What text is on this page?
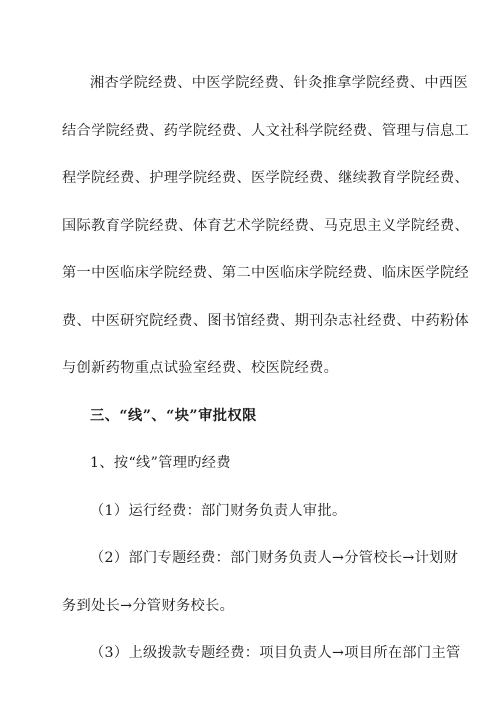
湘杏学院经费、中医学院经费、针灸推拿学院经费、中西医
结合学院经费、药学院经费、人文社科学院经费、管理与信息工
程学院经费、护理学院经费、医学院经费、继续教育学院经费、
国际教育学院经费、体育艺术学院经费、马克思主义学院经费、
第一中医临床学院经费、第二中医临床学院经费、临床医学院经
费、中医研究院经费、图书馆经费、期刊杂志社经费、中药粉体
与创新药物重点试验室经费、校医院经费。
三、“线”、“块”审批权限
1、按“线”管理旳经费
（1）运行经费：部门财务负责人审批。
（2）部门专题经费：部门财务负责人→分管校长→计划财
务到处长→分管财务校长。
（3）上级拨款专题经费：项目负责人→项目所在部门主管
